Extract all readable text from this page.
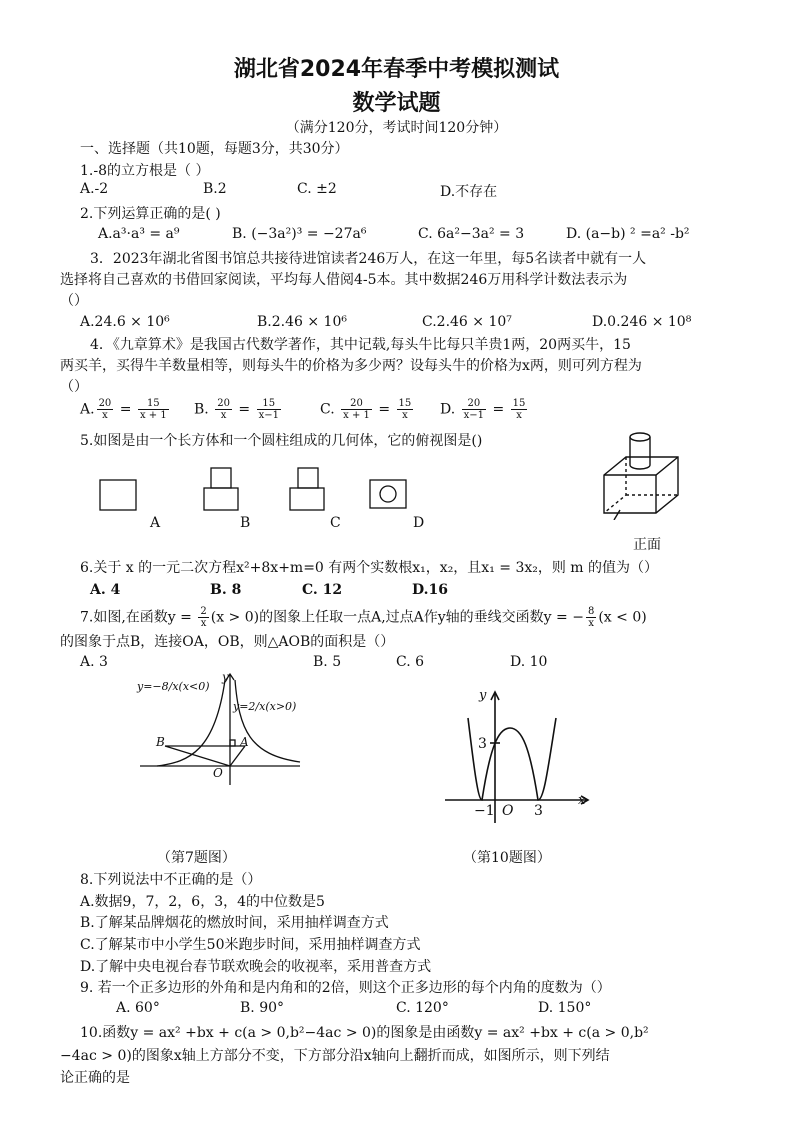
湖北省2024年春季中考模拟测试
数学试题
（满分120分，考试时间120分钟）
一、选择题（共10题，每题3分，共30分）
1.-8的立方根是（ ）
A.-2	B.2	C. ±2	D.不存在
2.下列运算正确的是( )
A.a³·a³ = a⁹	B. (−3a²)³ = −27a⁶	C. 6a²−3a² = 3	D. (a−b) ² =a² -b²
3．2023年湖北省图书馆总共接待进馆读者246万人，在这一年里，每5名读者中就有一人
选择将自己喜欢的书借回家阅读，平均每人借阅4-5本。其中数据246万用科学计数法表示为
（）
A.24.6 × 10⁶	B.2.46 × 10⁶	C.2.46 × 10⁷	D.0.246 × 10⁸
4．《九章算术》是我国古代数学著作，其中记载,每头牛比每只羊贵1两，20两买牛，15
两买羊，买得牛羊数量相等，则每头牛的价格为多少两？设每头牛的价格为x两，则可列方程为
（）
A. $\frac{20}{x} = \frac{15}{x + 1} B$. $\frac{20}{x} = \frac{15}{x-1}$	C. $\frac{20}{x + 1} = \frac{15}{x} D$. $\frac{20}{x-1} = \frac{15}{x}$
5.如图是由一个长方体和一个圆柱组成的几何体，它的俯视图是()
A	B	C	D
正面
6.关于 x 的一元二次方程x²+8x+m=0 有两个实数根x₁，x₂，且x₁ = 3x₂，则 m 的值为（）
A. 4	B. 8	C. 12	D.16
7.如图,在函数$y = \frac{2}{x} (x > 0)$的图象上任取一点A,过点A作y轴的垂线交函数y = − $\frac{8}{x} (x < 0)$
的图象于点B，连接OA，OB，则△AOB的面积是（）
A. 3	B. 5	C. 6	D. 10
y=−8/x(x<0)
y=2/x(x>0)
y
B	A
O
（第7题图）
y
3
−1 O 3
x
（第10题图）
8.下列说法中不正确的是（）
A.数据9，7，2，6，3，4的中位数是5
B.了解某品牌烟花的燃放时间，采用抽样调查方式
C.了解某市中小学生50米跑步时间，采用抽样调查方式
D.了解中央电视台春节联欢晚会的收视率，采用普查方式
9. 若一个正多边形的外角和是内角和的2倍，则这个正多边形的每个内角的度数为（）
A. 60°	B. 90°	C. 120°	D. 150°
10.函数y = ax² +bx + c(a > 0,b²−4ac > 0)的图象是由函数y = ax² +bx + c(a > 0,b²
−4ac > 0)的图象x轴上方部分不变，下方部分沿x轴向上翻折而成，如图所示，则下列结
论正确的是
